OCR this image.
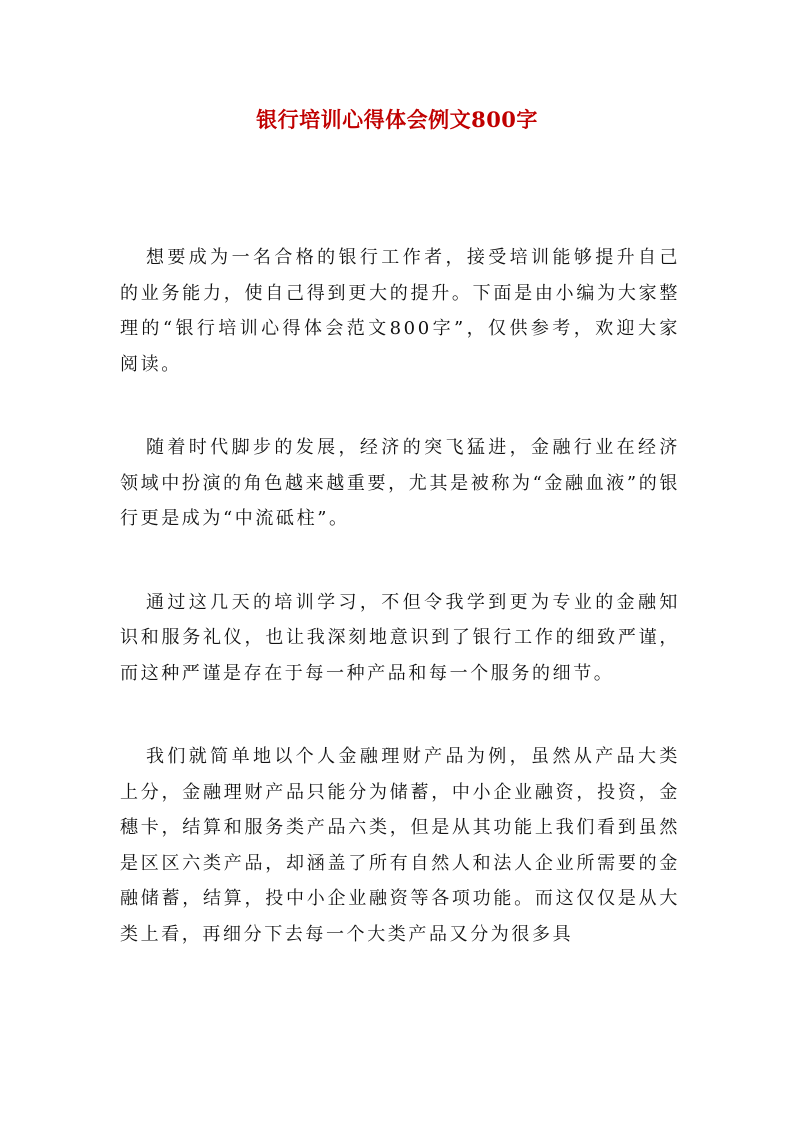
银行培训心得体会例文800字

想要成为一名合格的银行工作者，接受培训能够提升自己的业务能力，使自己得到更大的提升。下面是由小编为大家整理的“银行培训心得体会范文800字”，仅供参考，欢迎大家阅读。

随着时代脚步的发展，经济的突飞猛进，金融行业在经济领域中扮演的角色越来越重要，尤其是被称为“金融血液”的银行更是成为“中流砥柱”。

通过这几天的培训学习，不但令我学到更为专业的金融知识和服务礼仪，也让我深刻地意识到了银行工作的细致严谨，而这种严谨是存在于每一种产品和每一个服务的细节。

我们就简单地以个人金融理财产品为例，虽然从产品大类上分，金融理财产品只能分为储蓄，中小企业融资，投资，金穗卡，结算和服务类产品六类，但是从其功能上我们看到虽然是区区六类产品，却涵盖了所有自然人和法人企业所需要的金融储蓄，结算，投中小企业融资等各项功能。而这仅仅是从大类上看，再细分下去每一个大类产品又分为很多具
